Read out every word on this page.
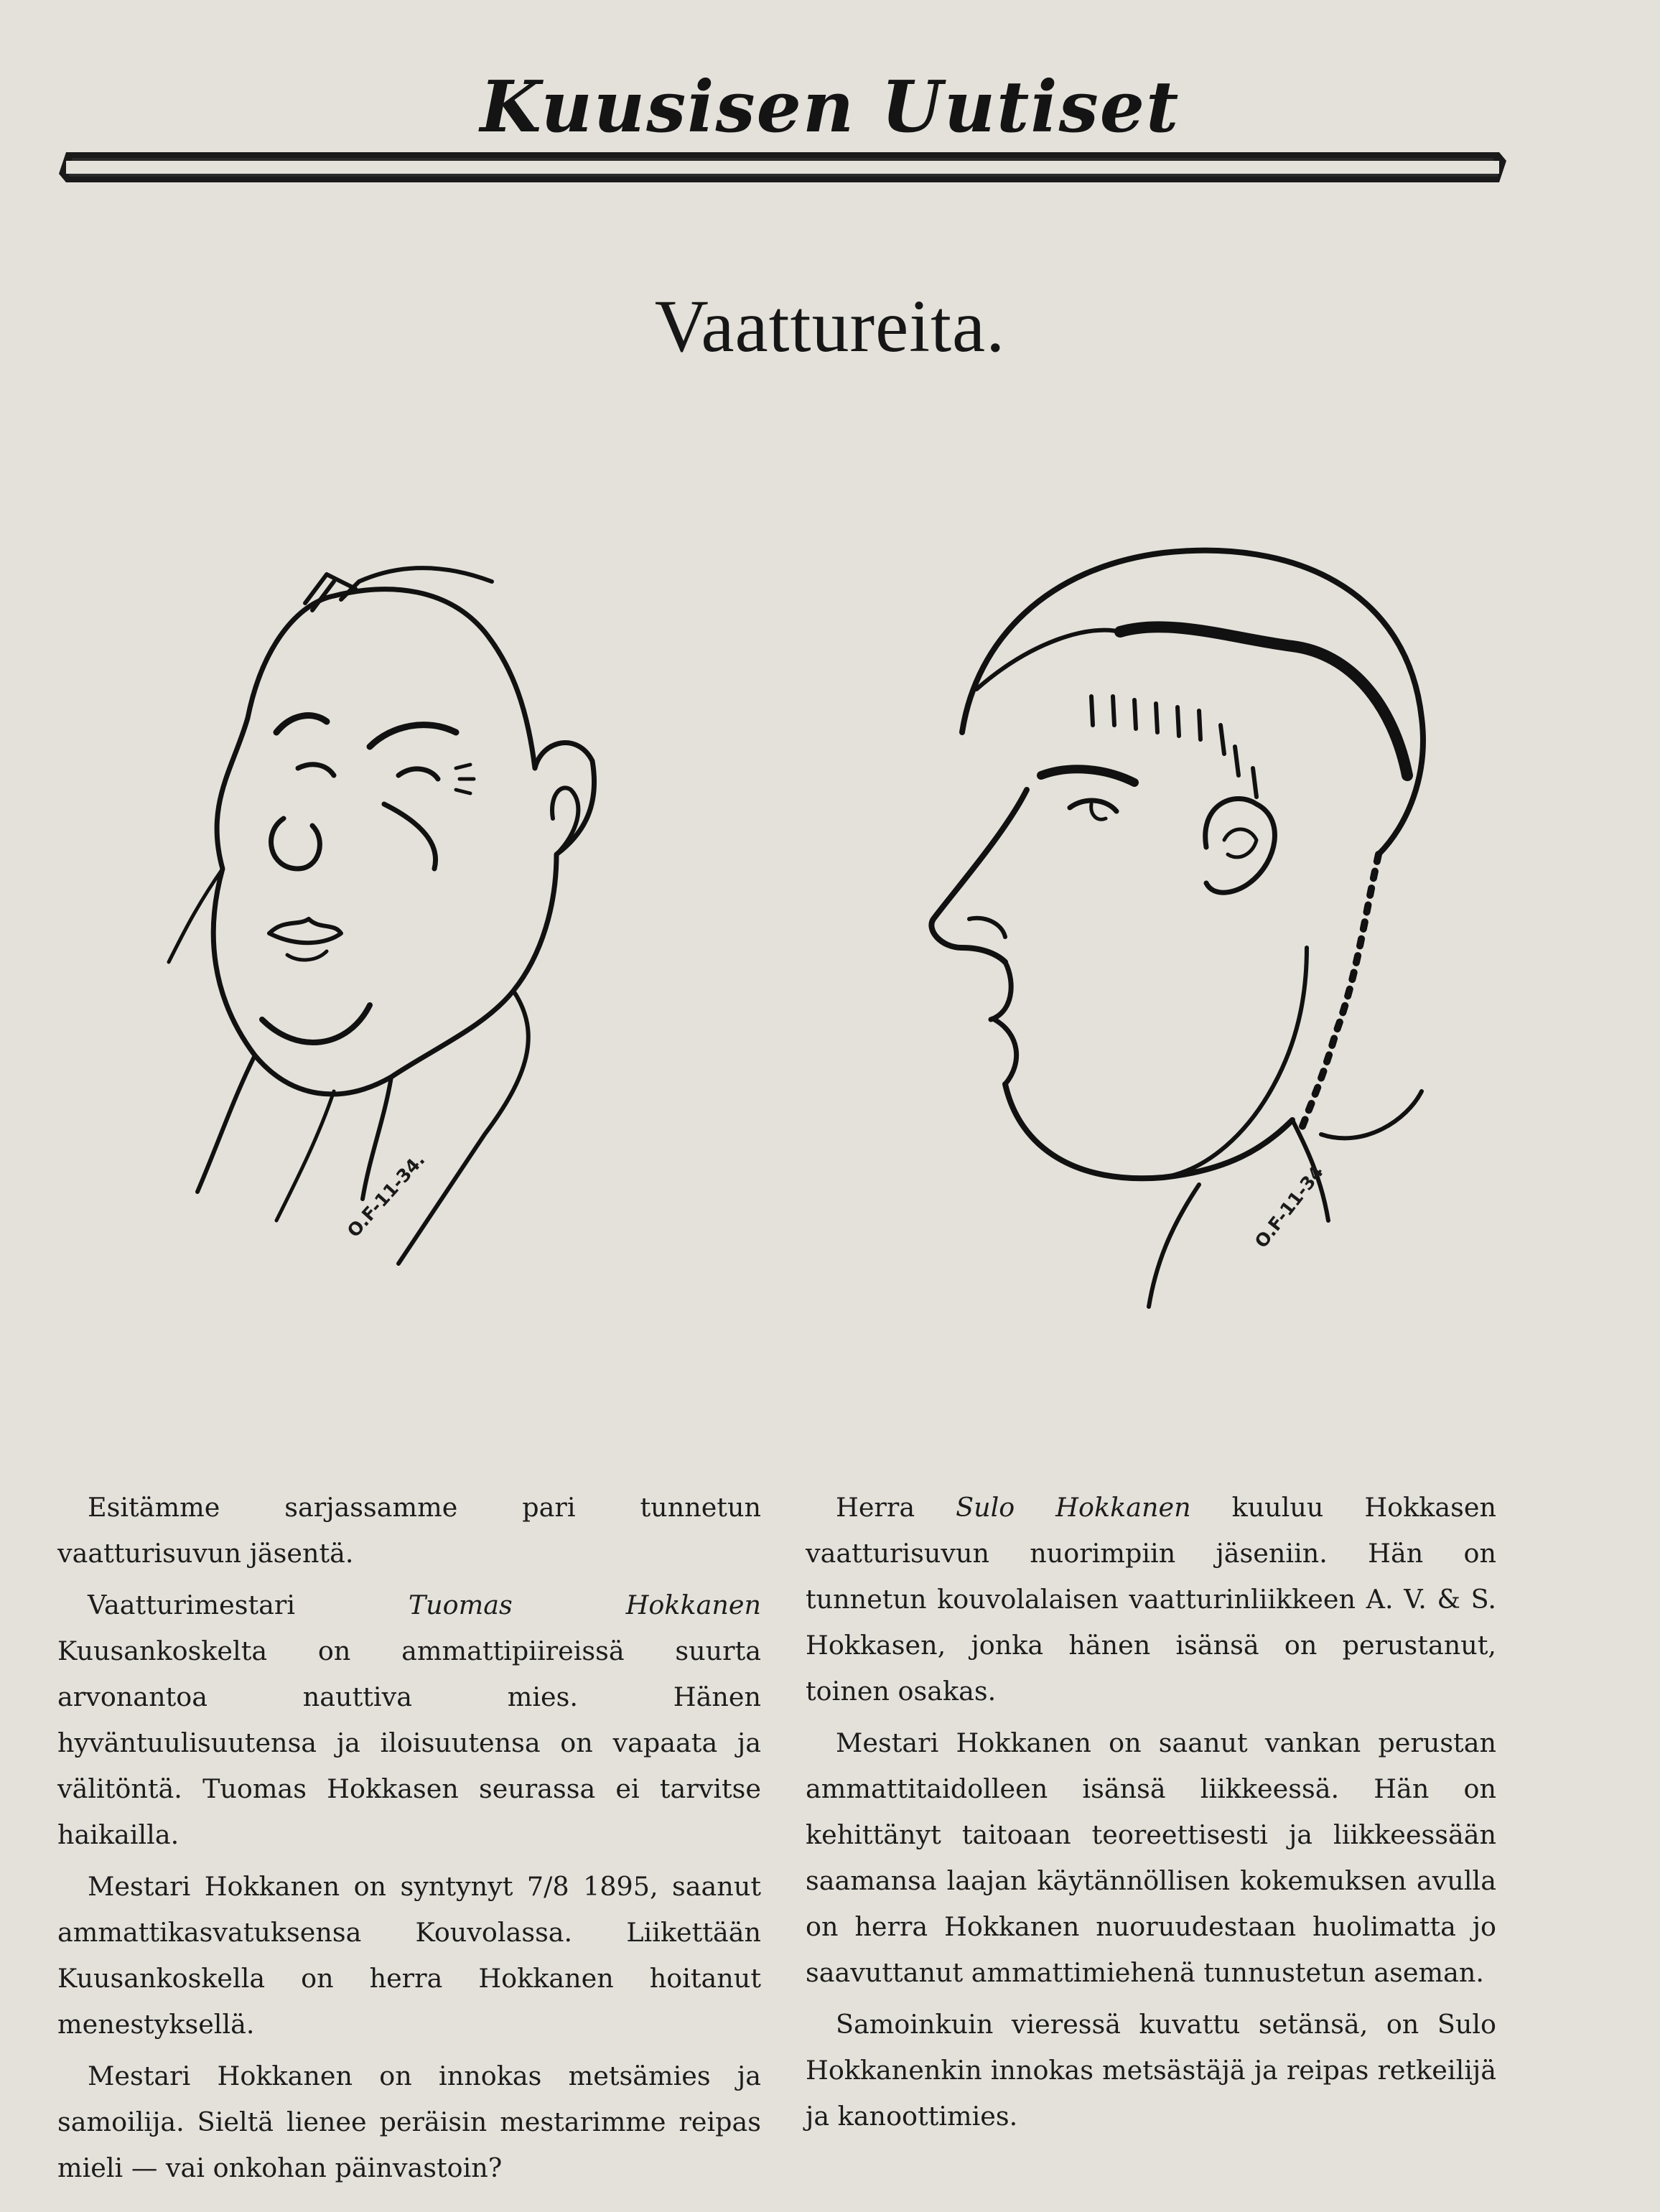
Kuusisen Uutiset
Vaattureita.
O.F-11-34.	O.F-11-34

Esitämme sarjassamme pari tunnetun vaatturisuvun jäsentä.

Vaatturimestari Tuomas Hokkanen Kuusankoskelta on ammattipiireissä suurta arvonantoa nauttiva mies. Hänen hyväntuulisuutensa ja iloisuutensa on vapaata ja välitöntä. Tuomas Hokkasen seurassa ei tarvitse haikailla.

Mestari Hokkanen on syntynyt 7/8 1895, saanut ammattikasvatuksensa Kouvolassa. Liikettään Kuusankoskella on herra Hokkanen hoitanut menestyksellä.

Mestari Hokkanen on innokas metsämies ja samoilija. Sieltä lienee peräisin mestarimme reipas mieli — vai onkohan päinvastoin?

Herra Sulo Hokkanen kuuluu Hokkasen vaatturisuvun nuorimpiin jäseniin. Hän on tunnetun kouvolalaisen vaatturinliikkeen A. V. & S. Hokkasen, jonka hänen isänsä on perustanut, toinen osakas.

Mestari Hokkanen on saanut vankan perustan ammattitaidolleen isänsä liikkeessä. Hän on kehittänyt taitoaan teoreettisesti ja liikkeessään saamansa laajan käytännöllisen kokemuksen avulla on herra Hokkanen nuoruudestaan huolimatta jo saavuttanut ammattimiehenä tunnustetun aseman.

Samoinkuin vieressä kuvattu setänsä, on Sulo Hokkanenkin innokas metsästäjä ja reipas retkeilijä ja kanoottimies.
